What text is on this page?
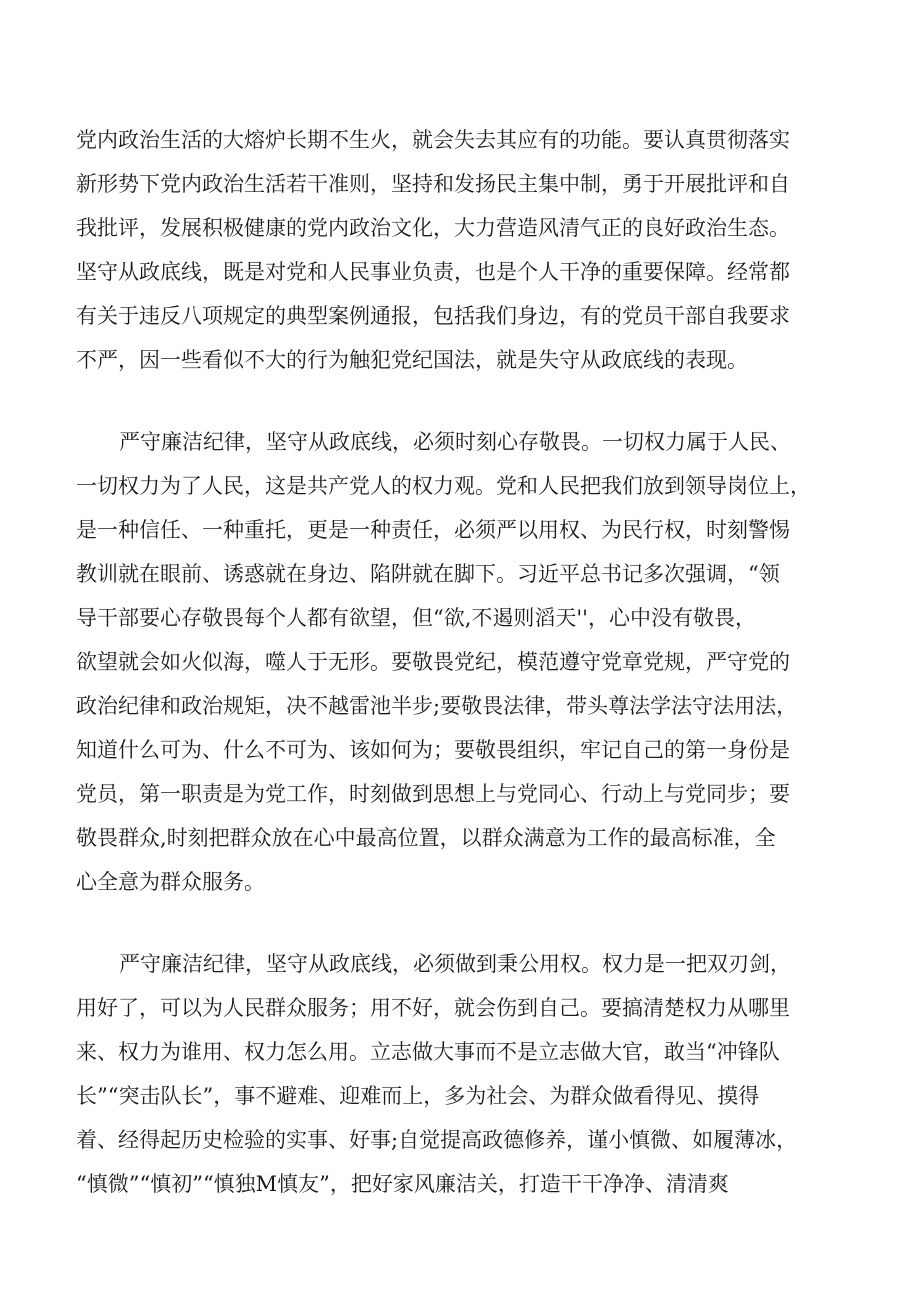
党内政治生活的大熔炉长期不生火，就会失去其应有的功能。要认真贯彻落实
新形势下党内政治生活若干准则，坚持和发扬民主集中制，勇于开展批评和自
我批评，发展积极健康的党内政治文化，大力营造风清气正的良好政治生态。
坚守从政底线，既是对党和人民事业负责，也是个人干净的重要保障。经常都
有关于违反八项规定的典型案例通报，包括我们身边，有的党员干部自我要求
不严，因一些看似不大的行为触犯党纪国法，就是失守从政底线的表现。
严守廉洁纪律，坚守从政底线，必须时刻心存敬畏。一切权力属于人民、
一切权力为了人民，这是共产党人的权力观。党和人民把我们放到领导岗位上，
是一种信任、一种重托，更是一种责任，必须严以用权、为民行权，时刻警惕
教训就在眼前、诱惑就在身边、陷阱就在脚下。习近平总书记多次强调，“领
导干部要心存敬畏每个人都有欲望，但“欲,不遏则滔天''，心中没有敬畏，
欲望就会如火似海，噬人于无形。要敬畏党纪，模范遵守党章党规，严守党的
政治纪律和政治规矩，决不越雷池半步;要敬畏法律，带头尊法学法守法用法，
知道什么可为、什么不可为、该如何为；要敬畏组织，牢记自己的第一身份是
党员，第一职责是为党工作，时刻做到思想上与党同心、行动上与党同步；要
敬畏群众,时刻把群众放在心中最高位置，以群众满意为工作的最高标准，全
心全意为群众服务。
严守廉洁纪律，坚守从政底线，必须做到秉公用权。权力是一把双刃剑，
用好了，可以为人民群众服务；用不好，就会伤到自己。要搞清楚权力从哪里
来、权力为谁用、权力怎么用。立志做大事而不是立志做大官，敢当“冲锋队
长”“突击队长”，事不避难、迎难而上，多为社会、为群众做看得见、摸得
着、经得起历史检验的实事、好事;自觉提高政德修养，谨小慎微、如履薄冰，
“慎微”“慎初”“慎独M慎友”，把好家风廉洁关，打造干干净净、清清爽
